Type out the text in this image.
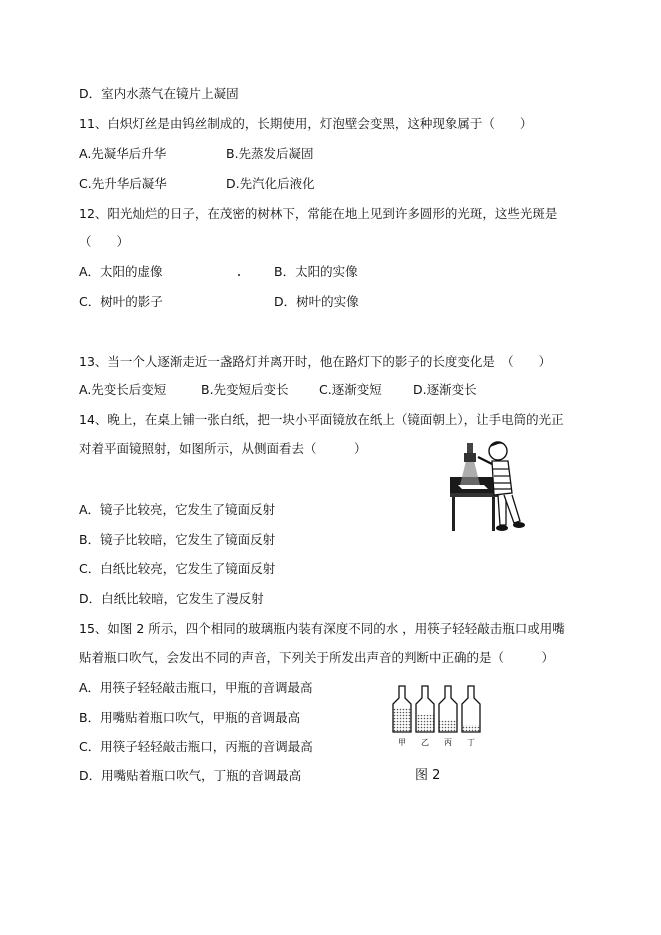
D．室内水蒸气在镜片上凝固
11、白炽灯丝是由钨丝制成的，长期使用，灯泡壁会变黑，这种现象属于（　　）
A.先凝华后升华	B.先蒸发后凝固
C.先升华后凝华	D.先汽化后液化
12、阳光灿烂的日子，在茂密的树林下，常能在地上见到许多圆形的光斑，这些光斑是
（　　）
A．太阳的虚像	B．太阳的实像
C．树叶的影子	D．树叶的实像
13、当一个人逐渐走近一盏路灯并离开时，他在路灯下的影子的长度变化是　（　　）
A.先变长后变短	B.先变短后变长 C.逐渐变短	D.逐渐变长
14、晚上，在桌上铺一张白纸，把一块小平面镜放在纸上（镜面朝上），让手电筒的光正
对着平面镜照射，如图所示，从侧面看去（　　　）
A．镜子比较亮，它发生了镜面反射
B．镜子比较暗，它发生了镜面反射
C．白纸比较亮，它发生了镜面反射
D．白纸比较暗，它发生了漫反射
15、如图 2 所示，四个相同的玻璃瓶内装有深度不同的水 ，用筷子轻轻敲击瓶口或用嘴
贴着瓶口吹气，会发出不同的声音，下列关于所发出声音的判断中正确的是（　　　）
A．用筷子轻轻敲击瓶口，甲瓶的音调最高
B．用嘴贴着瓶口吹气，甲瓶的音调最高
C．用筷子轻轻敲击瓶口，丙瓶的音调最高
D．用嘴贴着瓶口吹气，丁瓶的音调最高
甲 乙 丙 丁
图 2
